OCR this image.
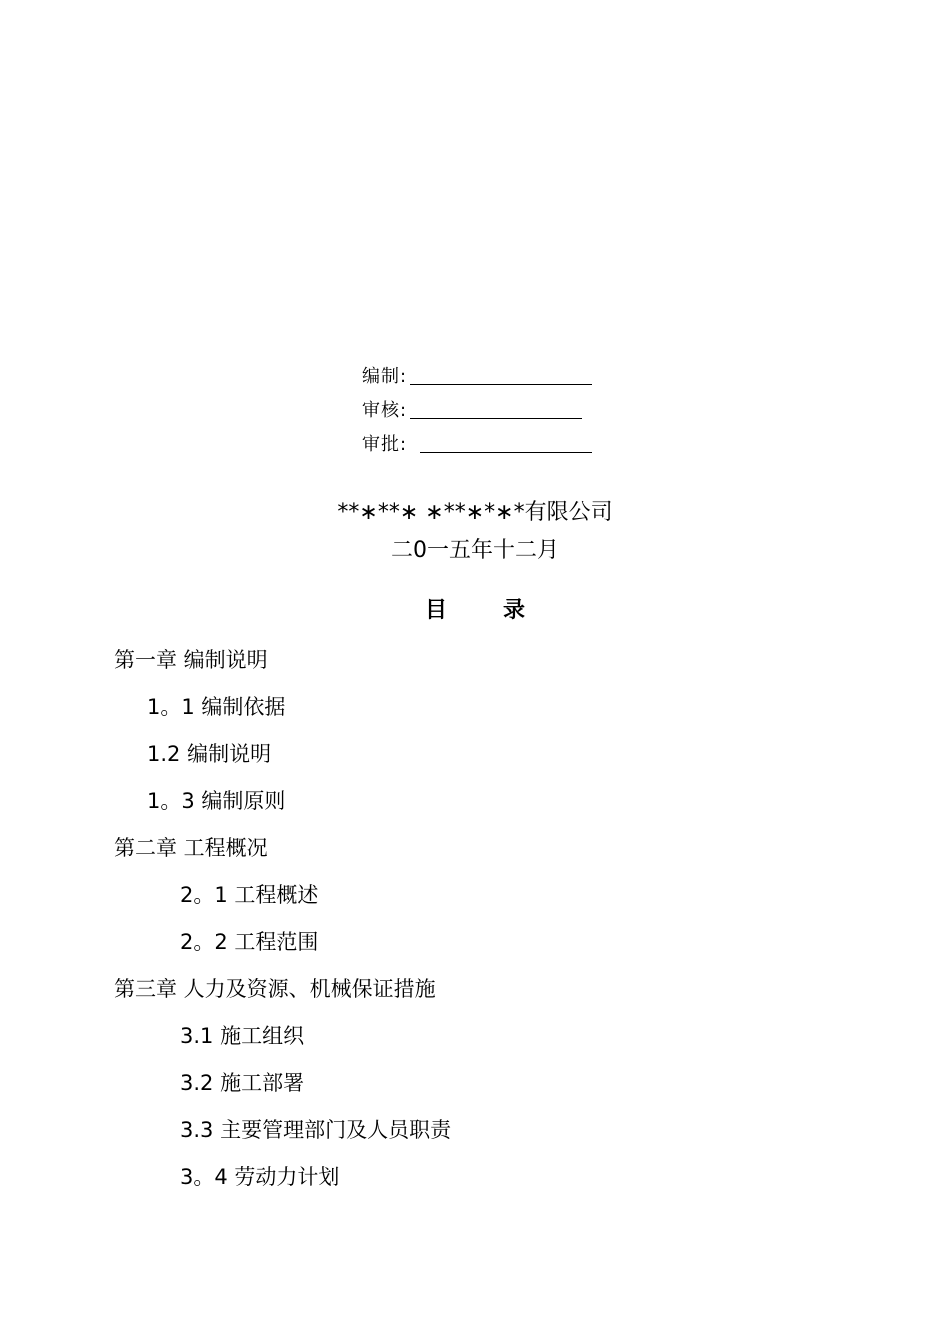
编制:
审核:
审批:
**∗**∗ ∗**∗*∗*有限公司
二0一五年十二月
目	录
第一章 编制说明
1。1 编制依据
1.2 编制说明
1。3 编制原则
第二章 工程概况
2。1 工程概述
2。2 工程范围
第三章 人力及资源、机械保证措施
3.1 施工组织
3.2 施工部署
3.3 主要管理部门及人员职责
3。4 劳动力计划
